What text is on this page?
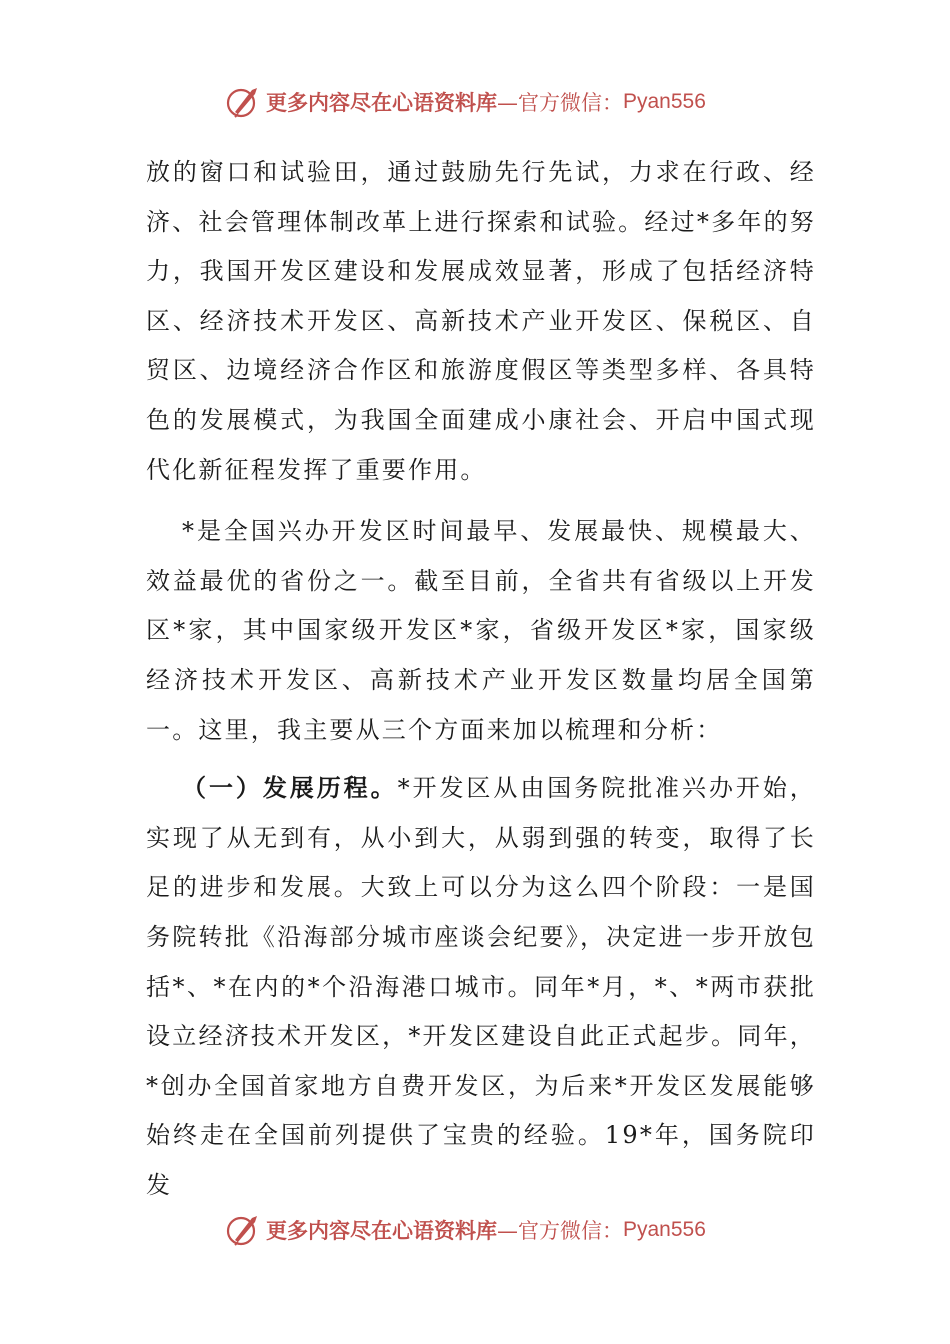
更多内容尽在心语资料库 —官方微信： Pyan556

放的窗口和试验田，通过鼓励先行先试，力求在行政、经济、社会管理体制改革上进行探索和试验。经过*多年的努力，我国开发区建设和发展成效显著，形成了包括经济特区、经济技术开发区、高新技术产业开发区、保税区、自贸区、边境经济合作区和旅游度假区等类型多样、各具特色的发展模式，为我国全面建成小康社会、开启中国式现代化新征程发挥了重要作用。

*是全国兴办开发区时间最早、发展最快、规模最大、效益最优的省份之一。截至目前，全省共有省级以上开发区*家，其中国家级开发区*家，省级开发区*家，国家级经济技术开发区、高新技术产业开发区数量均居全国第一。这里，我主要从三个方面来加以梳理和分析：

（一）发展历程。*开发区从由国务院批准兴办开始，实现了从无到有，从小到大，从弱到强的转变，取得了长足的进步和发展。大致上可以分为这么四个阶段：一是国务院转批《沿海部分城市座谈会纪要》，决定进一步开放包括*、*在内的*个沿海港口城市。同年*月，*、*两市获批设立经济技术开发区，*开发区建设自此正式起步。同年，*创办全国首家地方自费开发区，为后来*开发区发展能够始终走在全国前列提供了宝贵的经验。19*年，国务院印发

更多内容尽在心语资料库 —官方微信： Pyan556
